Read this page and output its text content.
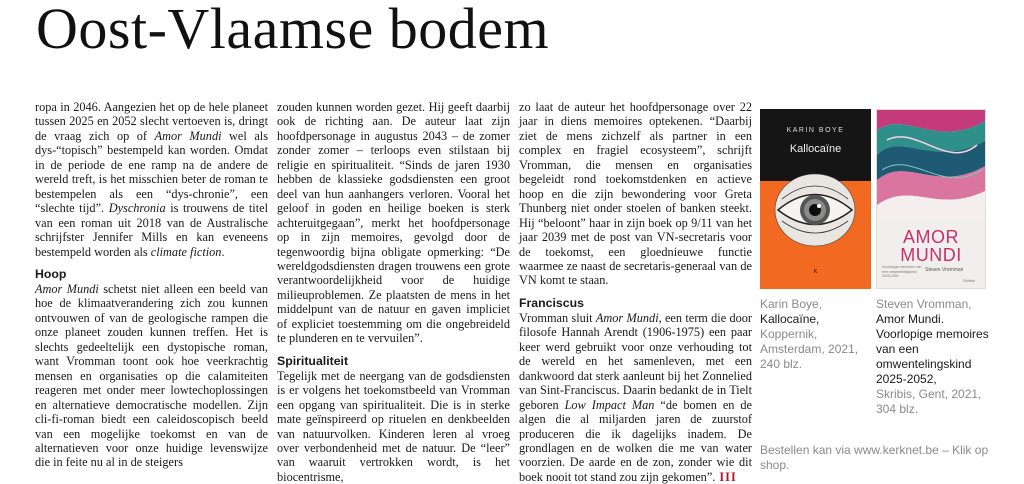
Oost-Vlaamse bodem

ropa in 2046. Aangezien het op de hele planeet tussen 2025 en 2052 slecht vertoeven is, dringt de vraag zich op of Amor Mundi wel als dys-“topisch” bestempeld kan worden. Omdat in de periode de ene ramp na de andere de wereld treft, is het misschien beter de roman te bestempelen als een “dys-chronie”, een “slechte tijd”. Dyschronia is trouwens de titel van een roman uit 2018 van de Australische schrijfster Jennifer Mills en kan eveneens bestempeld worden als climate fiction.

Hoop

Amor Mundi schetst niet alleen een beeld van hoe de klimaatverandering zich zou kunnen ontvouwen of van de geologische rampen die onze planeet zouden kunnen treffen. Het is slechts gedeeltelijk een dystopische roman, want Vromman toont ook hoe veerkrachtig mensen en organisaties op die calamiteiten reageren met onder meer lowtechoplossingen en alternatieve democratische modellen. Zijn cli-fi-roman biedt een caleidoscopisch beeld van een mogelijke toekomst en van de alternatieven voor onze huidige levenswijze die in feite nu al in de steigers

zouden kunnen worden gezet. Hij geeft daarbij ook de richting aan. De auteur laat zijn hoofdpersonage in augustus 2043 – de zomer zonder zomer – terloops even stilstaan bij religie en spiritualiteit. “Sinds de jaren 1930 hebben de klassieke godsdiensten een groot deel van hun aanhangers verloren. Vooral het geloof in goden en heilige boeken is sterk achteruitgegaan”, merkt het hoofdpersonage op in zijn memoires, gevolgd door de tegenwoordig bijna obligate opmerking: “De wereldgodsdiensten dragen trouwens een grote verantwoordelijkheid voor de huidige milieuproblemen. Ze plaatsten de mens in het middelpunt van de natuur en gaven impliciet of expliciet toestemming om die ongebreideld te plunderen en te vervuilen”.

Spiritualiteit

Tegelijk met de neergang van de godsdiensten is er volgens het toekomstbeeld van Vromman een opgang van spiritualiteit. Die is in sterke mate geïnspireerd op rituelen en denkbeelden van natuurvolken. Kinderen leren al vroeg over verbondenheid met de natuur. De “leer” van waaruit vertrokken wordt, is het biocentrisme,

zo laat de auteur het hoofdpersonage over 22 jaar in diens memoires optekenen. “Daarbij ziet de mens zichzelf als partner in een complex en fragiel ecosysteem”, schrijft Vromman, die mensen en organisaties begeleidt rond toekomstdenken en actieve hoop en die zijn bewondering voor Greta Thunberg niet onder stoelen of banken steekt. Hij “beloont” haar in zijn boek op 9/11 van het jaar 2039 met de post van VN-secretaris voor de toekomst, een gloednieuwe functie waarmee ze naast de secretaris-generaal van de VN komt te staan.

Franciscus

Vromman sluit Amor Mundi, een term die door filosofe Hannah Arendt (1906-1975) een paar keer werd gebruikt voor onze verhouding tot de wereld en het samenleven, met een dankwoord dat sterk aanleunt bij het Zonnelied van Sint-Franciscus. Daarin bedankt de in Tielt geboren Low Impact Man “de bomen en de algen die al miljarden jaren de zuurstof produceren die ik dagelijks inadem. De grondlagen en de wolken die me van water voorzien. De aarde en de zon, zonder wie dit boek nooit tot stand zou zijn gekomen”. III

KARIN BOYE
Kallocaïne
K
AMOR
MUNDI
Voorlopige memoires van een omwentelingskind 2025-2052
Steven Vromman
Skribis
Karin Boye,
Kallocaïne,
Koppernik, Amsterdam, 2021, 240 blz.
Steven Vromman,
Amor Mundi. Voorlopige memoires van een omwentelingskind 2025-2052,
Skribis, Gent, 2021, 304 blz.
Bestellen kan via www.kerknet.be – Klik op shop.
